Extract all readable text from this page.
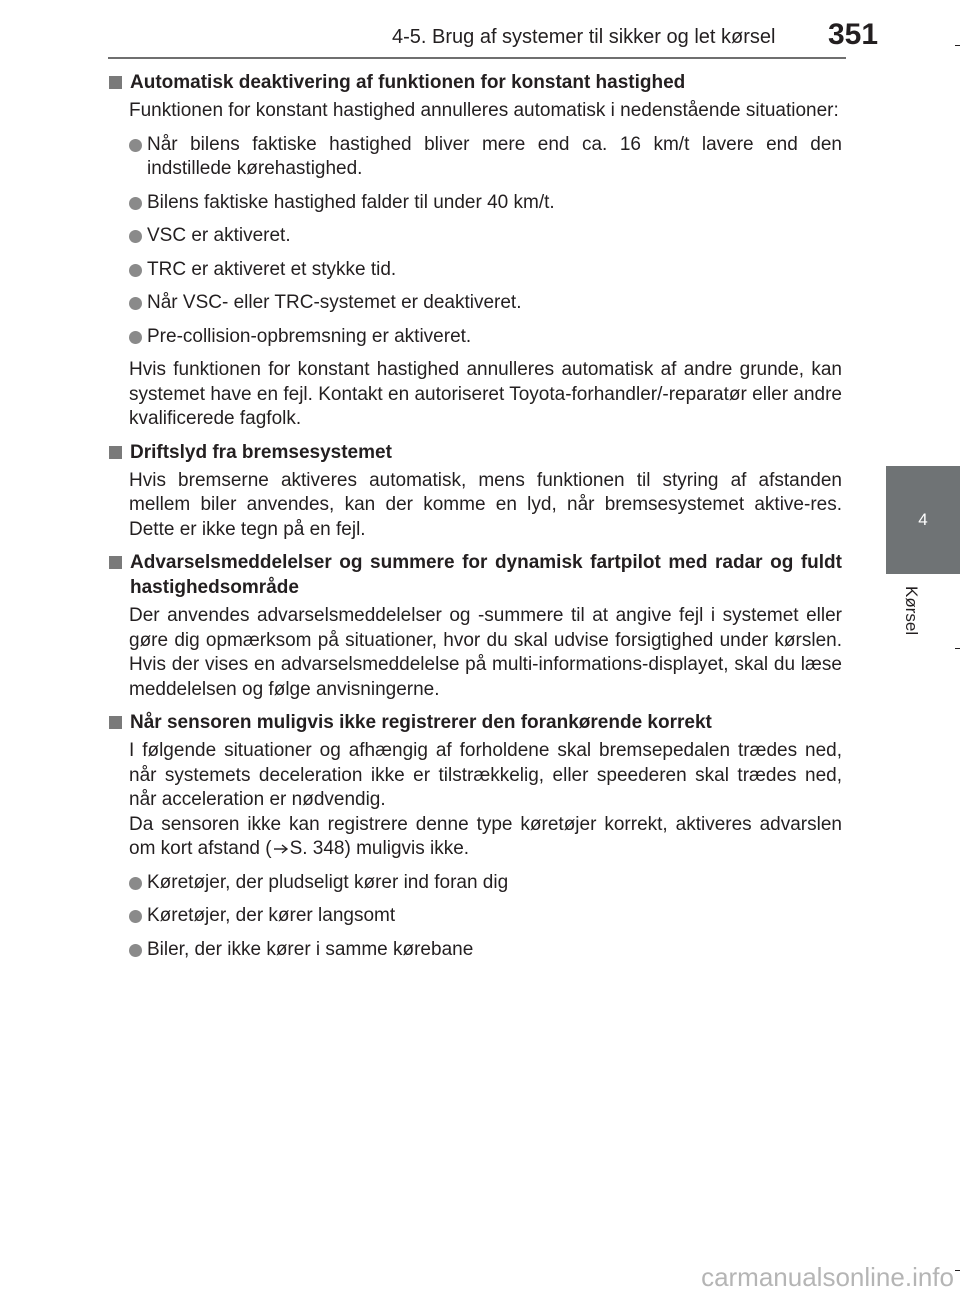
4-5. Brug af systemer til sikker og let kørsel 351
4
Kørsel
Automatisk deaktivering af funktionen for konstant hastighed
Funktionen for konstant hastighed annulleres automatisk i nedenstående situationer:
Når bilens faktiske hastighed bliver mere end ca. 16 km/t lavere end den indstillede kørehastighed.
Bilens faktiske hastighed falder til under 40 km/t.
VSC er aktiveret.
TRC er aktiveret et stykke tid.
Når VSC- eller TRC-systemet er deaktiveret.
Pre-collision-opbremsning er aktiveret.
Hvis funktionen for konstant hastighed annulleres automatisk af andre grunde, kan systemet have en fejl. Kontakt en autoriseret Toyota-forhandler/-reparatør eller andre kvalificerede fagfolk.
Driftslyd fra bremsesystemet
Hvis bremserne aktiveres automatisk, mens funktionen til styring af afstanden mellem biler anvendes, kan der komme en lyd, når bremsesystemet aktive-res. Dette er ikke tegn på en fejl.
Advarselsmeddelelser og summere for dynamisk fartpilot med radar og fuldt hastighedsområde
Der anvendes advarselsmeddelelser og -summere til at angive fejl i systemet eller gøre dig opmærksom på situationer, hvor du skal udvise forsigtighed under kørslen. Hvis der vises en advarselsmeddelelse på multi-informations-displayet, skal du læse meddelelsen og følge anvisningerne.
Når sensoren muligvis ikke registrerer den forankørende korrekt
I følgende situationer og afhængig af forholdene skal bremsepedalen trædes ned, når systemets deceleration ikke er tilstrækkelig, eller speederen skal trædes ned, når acceleration er nødvendig.
Da sensoren ikke kan registrere denne type køretøjer korrekt, aktiveres advarslen om kort afstand ( S. 348) muligvis ikke.
Køretøjer, der pludseligt kører ind foran dig
Køretøjer, der kører langsomt
Biler, der ikke kører i samme kørebane
carmanualsonline.info
